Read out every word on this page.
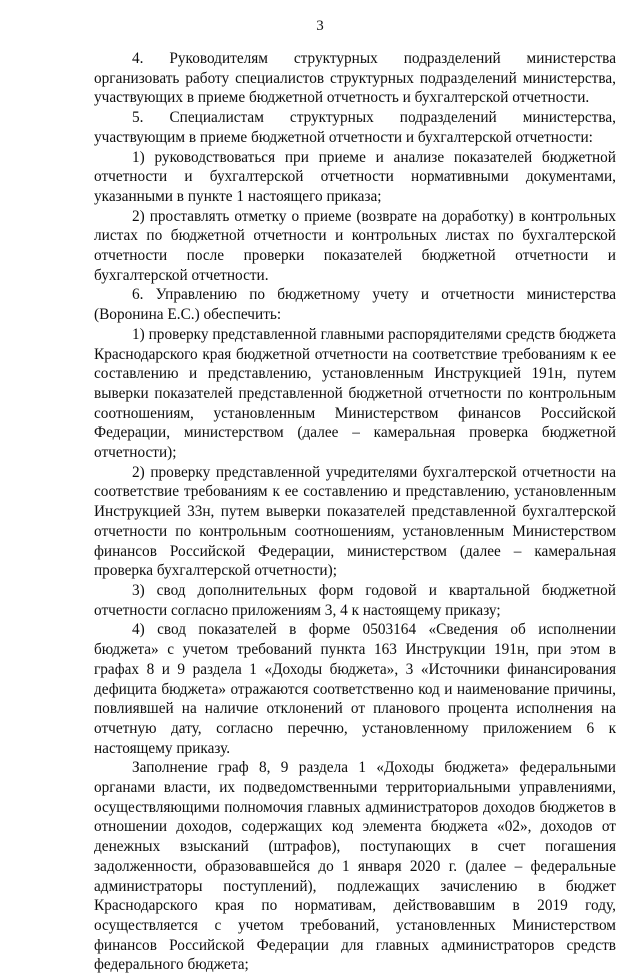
3

4. Руководителям структурных подразделений министерства организовать работу специалистов структурных подразделений министерства, участвующих в приеме бюджетной отчетность и бухгалтерской отчетности.

5. Специалистам структурных подразделений министерства, участвующим в приеме бюджетной отчетности и бухгалтерской отчетности:

1) руководствоваться при приеме и анализе показателей бюджетной отчетности и бухгалтерской отчетности нормативными документами, указанными в пункте 1 настоящего приказа;

2) проставлять отметку о приеме (возврате на доработку) в контрольных листах по бюджетной отчетности и контрольных листах по бухгалтерской отчетности после проверки показателей бюджетной отчетности и бухгалтерской отчетности.

6. Управлению по бюджетному учету и отчетности министерства (Воронина Е.С.) обеспечить:

1) проверку представленной главными распорядителями средств бюджета Краснодарского края бюджетной отчетности на соответствие требованиям к ее составлению и представлению, установленным Инструкцией 191н, путем выверки показателей представленной бюджетной отчетности по контрольным соотношениям, установленным Министерством финансов Российской Федерации, министерством (далее – камеральная проверка бюджетной отчетности);

2) проверку представленной учредителями бухгалтерской отчетности на соответствие требованиям к ее составлению и представлению, установленным Инструкцией 33н, путем выверки показателей представленной бухгалтерской отчетности по контрольным соотношениям, установленным Министерством финансов Российской Федерации, министерством (далее – камеральная проверка бухгалтерской отчетности);

3) свод дополнительных форм годовой и квартальной бюджетной отчетности согласно приложениям 3, 4 к настоящему приказу;

4) свод показателей в форме 0503164 «Сведения об исполнении бюджета» с учетом требований пункта 163 Инструкции 191н, при этом в графах 8 и 9 раздела 1 «Доходы бюджета», 3 «Источники финансирования дефицита бюджета» отражаются соответственно код и наименование причины, повлиявшей на наличие отклонений от планового процента исполнения на отчетную дату, согласно перечню, установленному приложением 6 к настоящему приказу.

Заполнение граф 8, 9 раздела 1 «Доходы бюджета» федеральными органами власти, их подведомственными территориальными управлениями, осуществляющими полномочия главных администраторов доходов бюджетов в отношении доходов, содержащих код элемента бюджета «02», доходов от денежных взысканий (штрафов), поступающих в счет погашения задолженности, образовавшейся до 1 января 2020 г. (далее – федеральные администраторы поступлений), подлежащих зачислению в бюджет Краснодарского края по нормативам, действовавшим в 2019 году, осуществляется с учетом требований, установленных Министерством финансов Российской Федерации для главных администраторов средств федерального бюджета;
